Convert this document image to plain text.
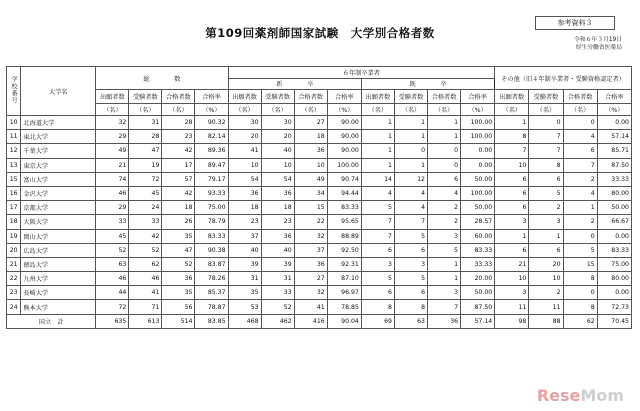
参考資料３
第109回薬剤師国家試験　大学別合格者数	令和６年３月19日
厚生労働省医薬局
学校番号	大学名	総　　　　数				６年制卒業者								その他（旧４年制卒業者・受験資格認定者）			
						新　　　　卒				既　　　　卒							
		出願者数	受験者数	合格者数	合格率	出願者数	受験者数	合格者数	合格率	出願者数	受験者数	合格者数	合格率	出願者数	受験者数	合格者数	合格率
		（名）	（名）	（名）	（%）	（名）	（名）	（名）	（%）	（名）	（名）	（名）	（%）	（名）	（名）	（名）	（%）
10	北海道大学	32	31	28	90.32	30	30	27	90.00	1	1	1	100.00	1	0	0	0.00
11	東北大学	29	28	23	82.14	20	20	18	90.00	1	1	1	100.00	8	7	4	57.14
12	千葉大学	49	47	42	89.36	41	40	36	90.00	1	0	0	0.00	7	7	6	85.71
13	東京大学	21	19	17	89.47	10	10	10	100.00	1	1	0	0.00	10	8	7	87.50
15	富山大学	74	72	57	79.17	54	54	49	90.74	14	12	6	50.00	6	6	2	33.33
16	金沢大学	46	45	42	93.33	36	36	34	94.44	4	4	4	100.00	6	5	4	80.00
17	京都大学	29	24	18	75.00	18	18	15	83.33	5	4	2	50.00	6	2	1	50.00
18	大阪大学	33	33	26	78.79	23	23	22	95.65	7	7	2	28.57	3	3	2	66.67
19	岡山大学	45	42	35	83.33	37	36	32	88.89	7	5	3	60.00	1	1	0	0.00
20	広島大学	52	52	47	90.38	40	40	37	92.50	6	6	5	83.33	6	6	5	83.33
21	徳島大学	63	62	52	83.87	39	39	36	92.31	3	3	1	33.33	21	20	15	75.00
22	九州大学	46	46	36	78.26	31	31	27	87.10	5	5	1	20.00	10	10	8	80.00
23	長崎大学	44	41	35	85.37	35	33	32	96.97	6	6	3	50.00	3	2	0	0.00
24	熊本大学	72	71	56	78.87	53	52	41	78.85	8	8	7	87.50	11	11	8	72.73
国立　計		635	613	514	83.85	468	462	416	90.04	69	63	36	57.14	98	88	62	70.45
ReseMom
